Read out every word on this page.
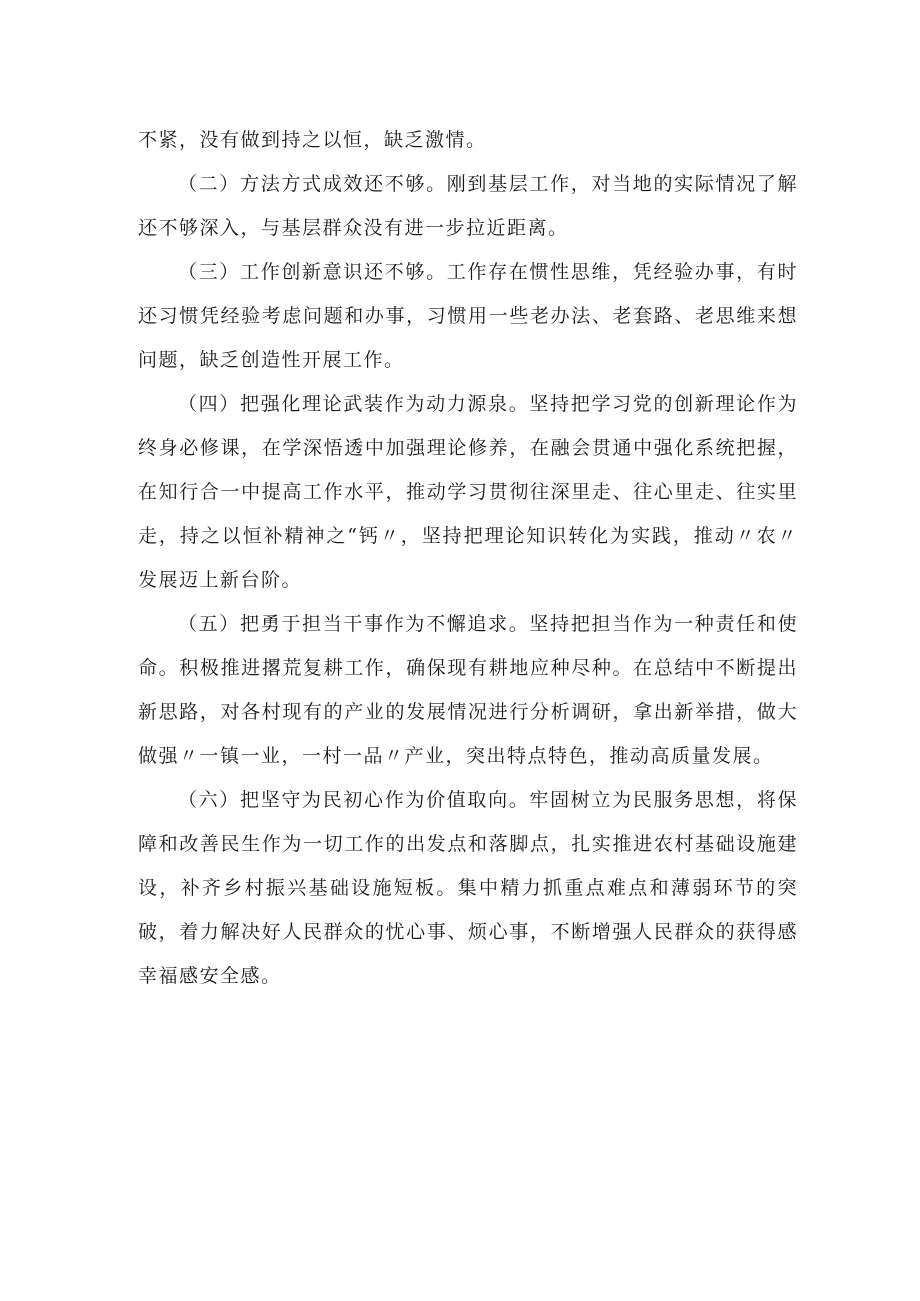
不紧，没有做到持之以恒，缺乏激情。

（二）方法方式成效还不够。刚到基层工作，对当地的实际情况了解还不够深入，与基层群众没有进一步拉近距离。

（三）工作创新意识还不够。工作存在惯性思维，凭经验办事，有时还习惯凭经验考虑问题和办事，习惯用一些老办法、老套路、老思维来想问题，缺乏创造性开展工作。

（四）把强化理论武装作为动力源泉。坚持把学习党的创新理论作为终身必修课，在学深悟透中加强理论修养，在融会贯通中强化系统把握，在知行合一中提高工作水平，推动学习贯彻往深里走、往心里走、往实里走，持之以恒补精神之“钙〃，坚持把理论知识转化为实践，推动〃农〃发展迈上新台阶。

（五）把勇于担当干事作为不懈追求。坚持把担当作为一种责任和使命。积极推进撂荒复耕工作，确保现有耕地应种尽种。在总结中不断提出新思路，对各村现有的产业的发展情况进行分析调研，拿出新举措，做大做强〃一镇一业，一村一品〃产业，突出特点特色，推动高质量发展。

（六）把坚守为民初心作为价值取向。牢固树立为民服务思想，将保障和改善民生作为一切工作的出发点和落脚点，扎实推进农村基础设施建设，补齐乡村振兴基础设施短板。集中精力抓重点难点和薄弱环节的突破，着力解决好人民群众的忧心事、烦心事，不断增强人民群众的获得感幸福感安全感。
